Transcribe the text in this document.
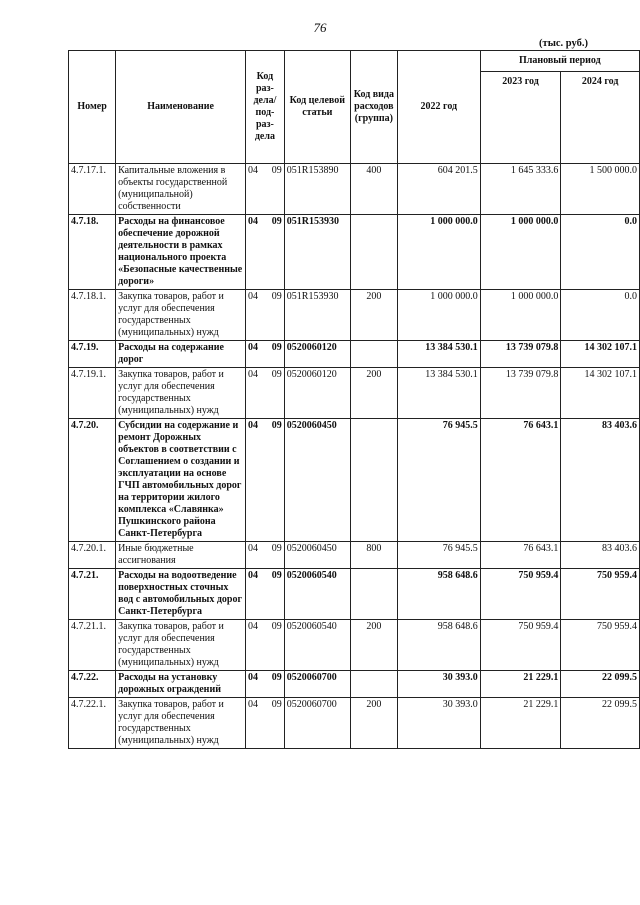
76
(тыс. руб.)
Номер	Наименование	Код раз-дела/ под-раз-дела		Код целевой статьи	Код вида расходов (группа)	2022 год	Плановый период	
							2023 год	2024 год
4.7.17.1.	Капитальные вложения в объекты государственной (муниципальной) собственности	04	09	051R153890	400	604 201.5	1 645 333.6	1 500 000.0
4.7.18.	Расходы на финансовое обеспечение дорожной деятельности в рамках национального проекта «Безопасные качественные дороги»	04	09	051R153930		1 000 000.0	1 000 000.0	0.0
4.7.18.1.	Закупка товаров, работ и услуг для обеспечения государственных (муниципальных) нужд	04	09	051R153930	200	1 000 000.0	1 000 000.0	0.0
4.7.19.	Расходы на содержание дорог	04	09	0520060120		13 384 530.1	13 739 079.8	14 302 107.1
4.7.19.1.	Закупка товаров, работ и услуг для обеспечения государственных (муниципальных) нужд	04	09	0520060120	200	13 384 530.1	13 739 079.8	14 302 107.1
4.7.20.	Субсидии на содержание и ремонт Дорожных объектов в соответствии с Соглашением о создании и эксплуатации на основе ГЧП автомобильных дорог на территории жилого комплекса «Славянка» Пушкинского района Санкт-Петербурга	04	09	0520060450		76 945.5	76 643.1	83 403.6
4.7.20.1.	Иные бюджетные ассигнования	04	09	0520060450	800	76 945.5	76 643.1	83 403.6
4.7.21.	Расходы на водоотведение поверхностных сточных вод с автомобильных дорог Санкт-Петербурга	04	09	0520060540		958 648.6	750 959.4	750 959.4
4.7.21.1.	Закупка товаров, работ и услуг для обеспечения государственных (муниципальных) нужд	04	09	0520060540	200	958 648.6	750 959.4	750 959.4
4.7.22.	Расходы на установку дорожных ограждений	04	09	0520060700		30 393.0	21 229.1	22 099.5
4.7.22.1.	Закупка товаров, работ и услуг для обеспечения государственных (муниципальных) нужд	04	09	0520060700	200	30 393.0	21 229.1	22 099.5
